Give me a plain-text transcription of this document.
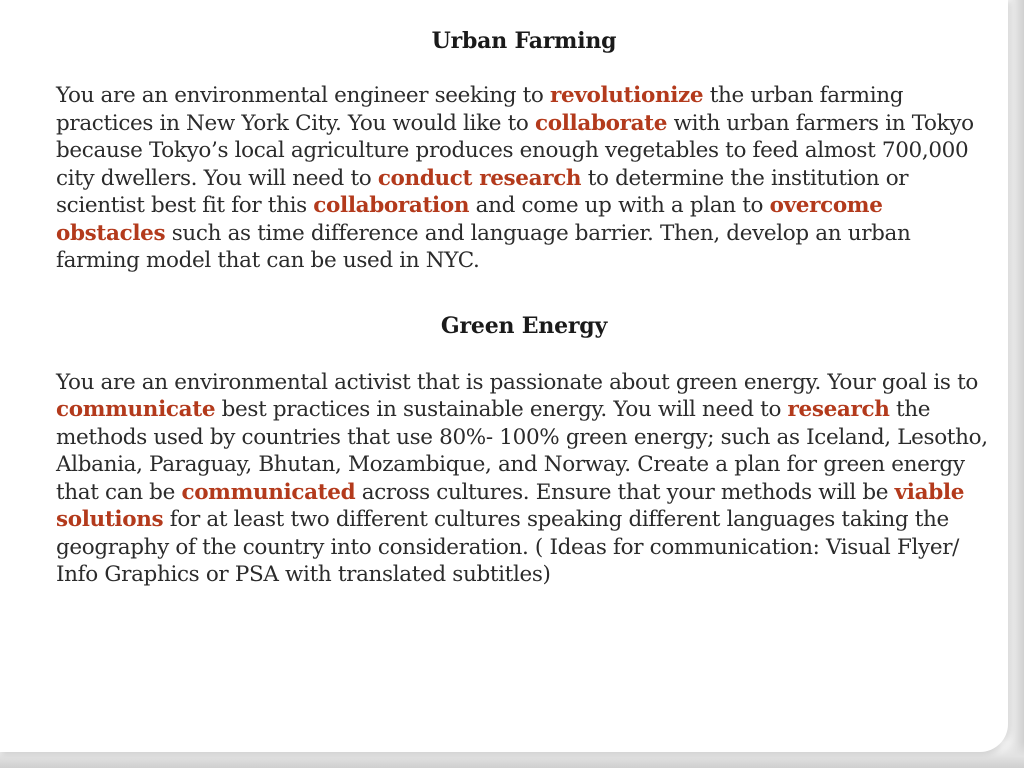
Urban Farming

You are an environmental engineer seeking to revolutionize the urban farming practices in New York City. You would like to collaborate with urban farmers in Tokyo because Tokyo’s local agriculture produces enough vegetables to feed almost 700,000 city dwellers. You will need to conduct research to determine the institution or scientist best fit for this collaboration and come up with a plan to overcome obstacles such as time difference and language barrier. Then, develop an urban farming model that can be used in NYC.

Green Energy

You are an environmental activist that is passionate about green energy. Your goal is to communicate best practices in sustainable energy. You will need to research the methods used by countries that use 80%- 100% green energy; such as Iceland, Lesotho, Albania, Paraguay, Bhutan, Mozambique, and Norway. Create a plan for green energy that can be communicated across cultures. Ensure that your methods will be viable solutions for at least two different cultures speaking different languages taking the geography of the country into consideration. ( Ideas for communication: Visual Flyer/ Info Graphics or PSA with translated subtitles)
